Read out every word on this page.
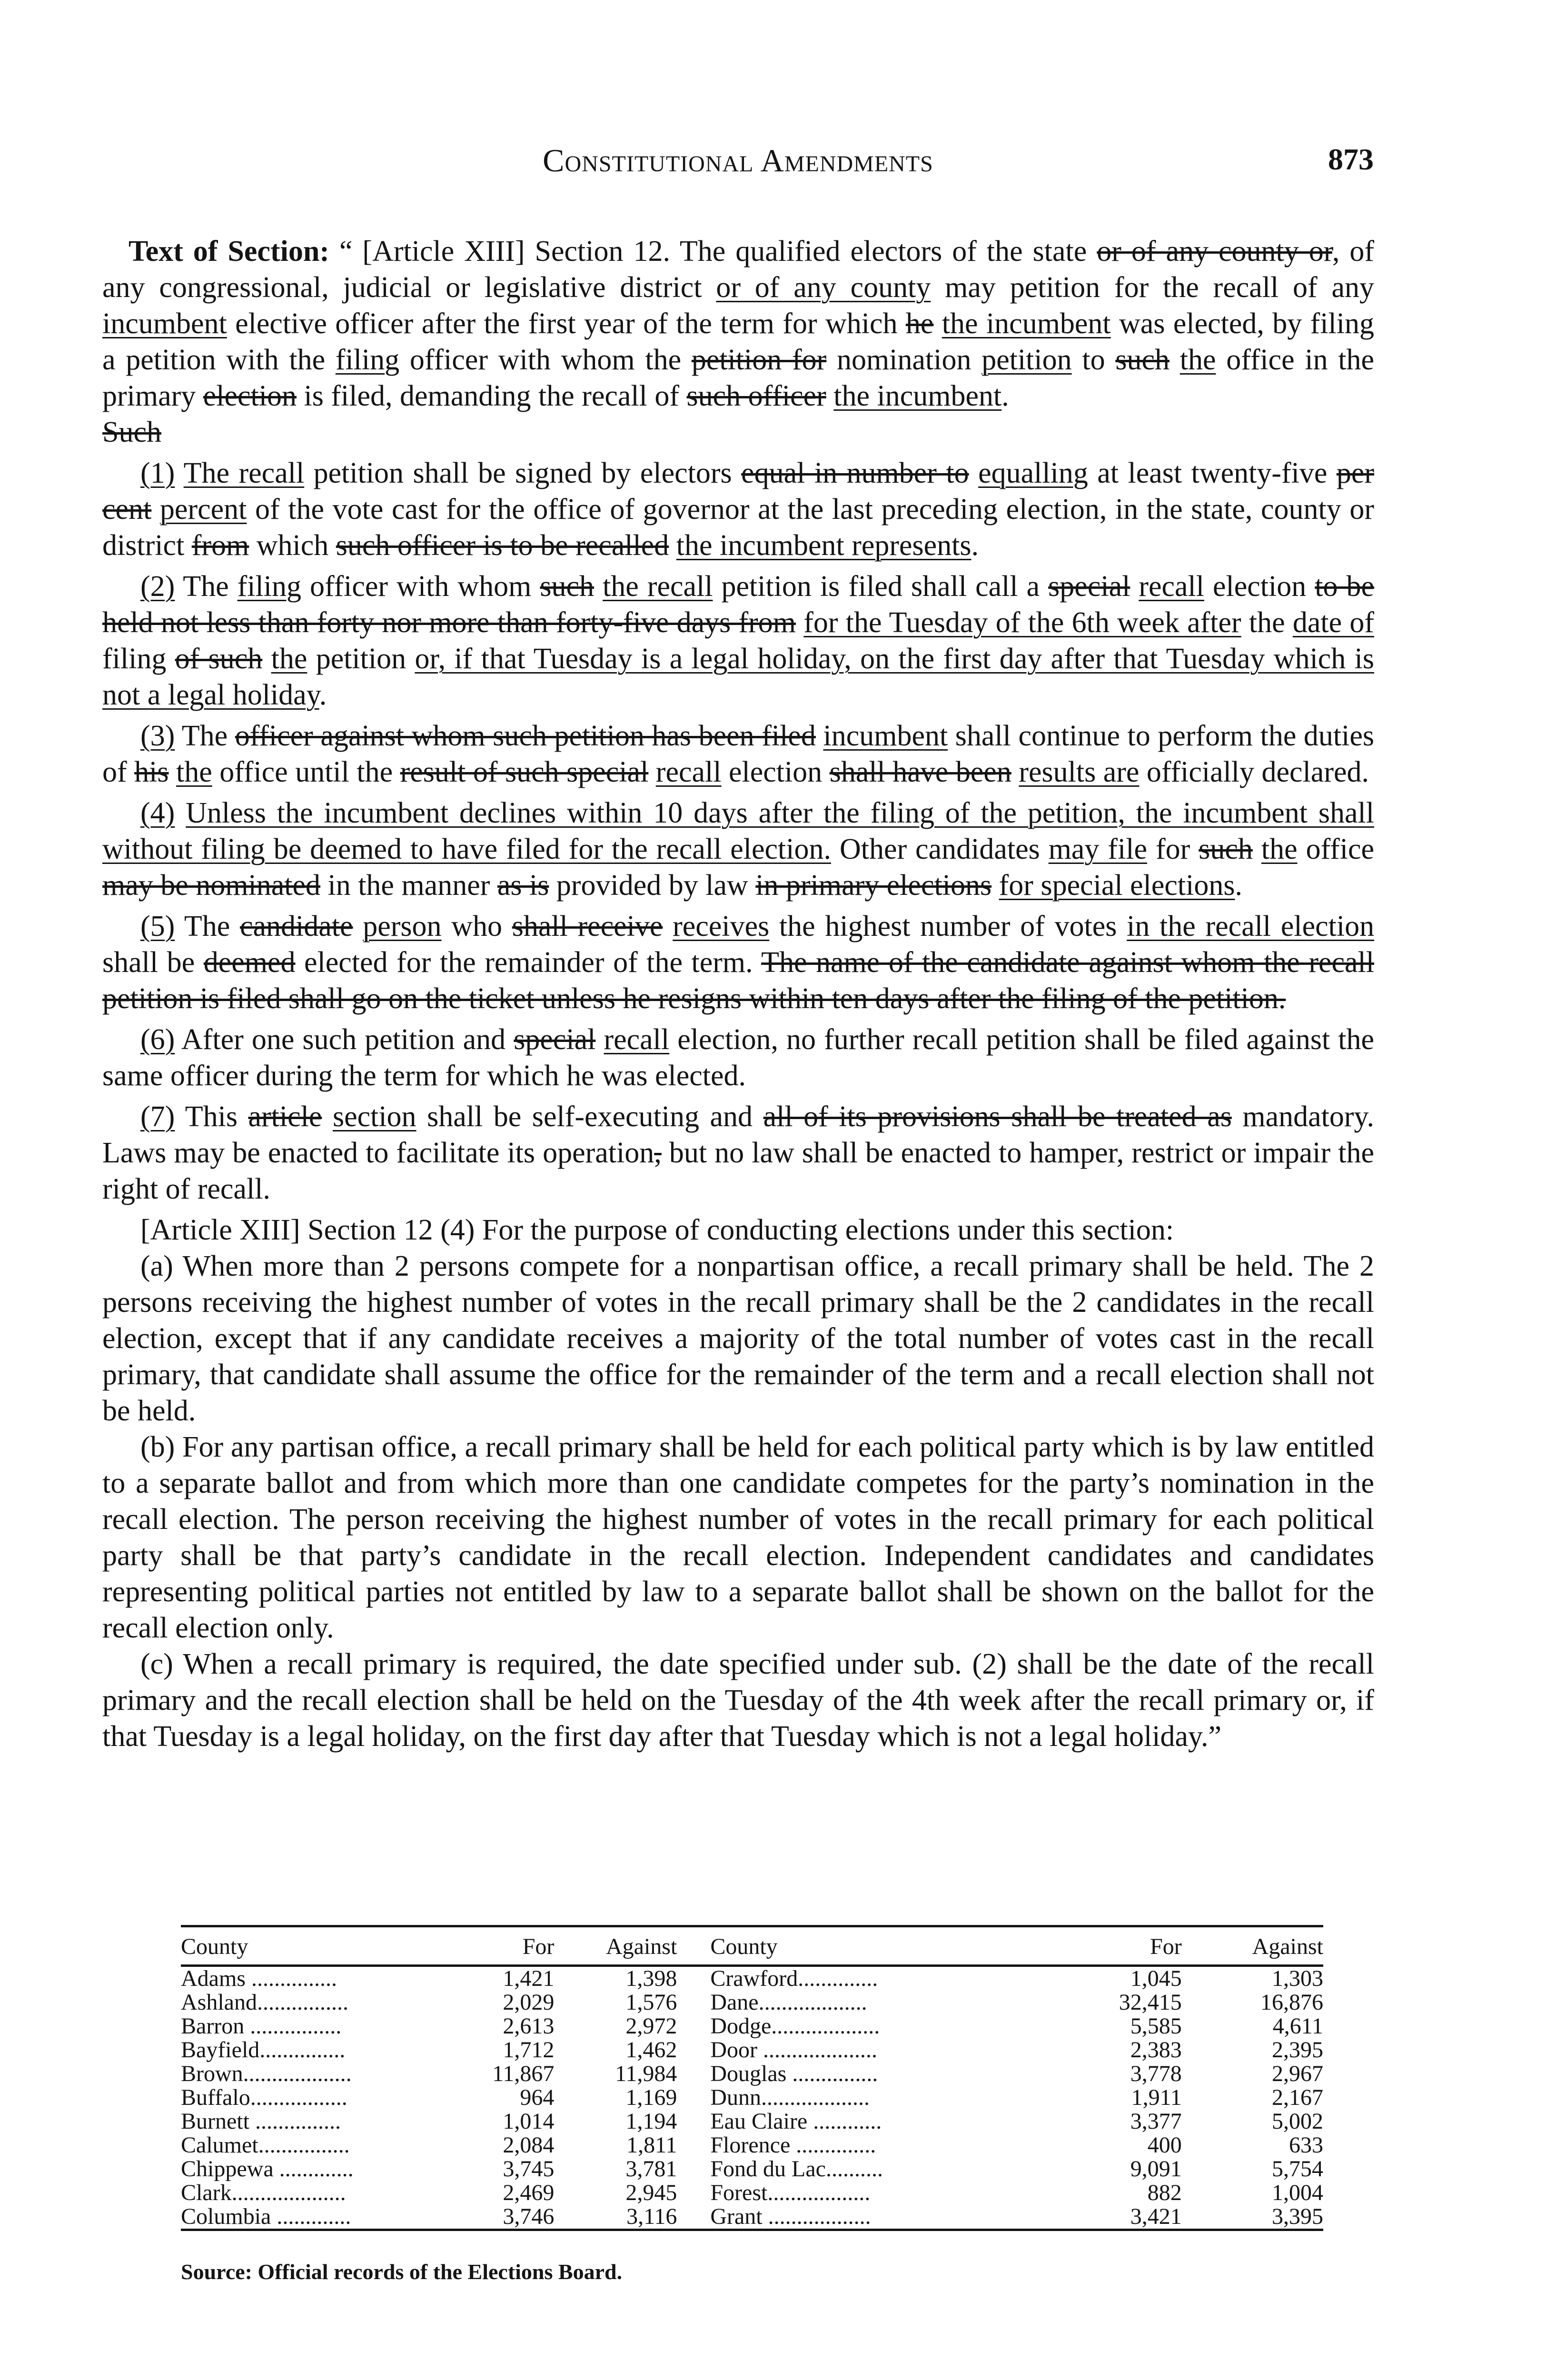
Constitutional Amendments	873

Text of Section: “ [Article XIII] Section 12. The qualified electors of the state or of any county or, of any congressional, judicial or legislative district or of any county may petition for the recall of any incumbent elective officer after the first year of the term for which he the incumbent was elected, by filing a petition with the filing officer with whom the petition for nomination petition to such the office in the primary election is filed, demanding the recall of such officer the incumbent.
Such

(1) The recall petition shall be signed by electors equal in number to equalling at least twenty-five per cent percent of the vote cast for the office of governor at the last preceding election, in the state, county or district from which such officer is to be recalled the incumbent represents.

(2) The filing officer with whom such the recall petition is filed shall call a special recall election to be held not less than forty nor more than forty-five days from for the Tuesday of the 6th week after the date of filing of such the petition or, if that Tuesday is a legal holiday, on the first day after that Tuesday which is not a legal holiday.

(3) The officer against whom such petition has been filed incumbent shall continue to perform the duties of his the office until the result of such special recall election shall have been results are officially declared.

(4) Unless the incumbent declines within 10 days after the filing of the petition, the incumbent shall without filing be deemed to have filed for the recall election. Other candidates may file for such the office may be nominated in the manner as is provided by law in primary elections for special elections.

(5) The candidate person who shall receive receives the highest number of votes in the recall election shall be deemed elected for the remainder of the term. The name of the candidate against whom the recall petition is filed shall go on the ticket unless he resigns within ten days after the filing of the petition.

(6) After one such petition and special recall election, no further recall petition shall be filed against the same officer during the term for which he was elected.

(7) This article section shall be self-executing and all of its provisions shall be treated as mandatory. Laws may be enacted to facilitate its operation, but no law shall be enacted to hamper, restrict or impair the right of recall.

[Article XIII] Section 12 (4) For the purpose of conducting elections under this section:

(a) When more than 2 persons compete for a nonpartisan office, a recall primary shall be held. The 2 persons receiving the highest number of votes in the recall primary shall be the 2 candidates in the recall election, except that if any candidate receives a majority of the total number of votes cast in the recall primary, that candidate shall assume the office for the remainder of the term and a recall election shall not be held.

(b) For any partisan office, a recall primary shall be held for each political party which is by law entitled to a separate ballot and from which more than one candidate competes for the party’s nomination in the recall election. The person receiving the highest number of votes in the recall primary for each political party shall be that party’s candidate in the recall election. Independent candidates and candidates representing political parties not entitled by law to a separate ballot shall be shown on the ballot for the recall election only.

(c) When a recall primary is required, the date specified under sub. (2) shall be the date of the recall primary and the recall election shall be held on the Tuesday of the 4th week after the recall primary or, if that Tuesday is a legal holiday, on the first day after that Tuesday which is not a legal holiday.”

County	For	Against	County	For	Against
Adams ...............	1,421	1,398	Crawford..............	1,045	1,303
Ashland................	2,029	1,576	Dane...................	32,415	16,876
Barron ................	2,613	2,972	Dodge...................	5,585	4,611
Bayfield...............	1,712	1,462	Door ....................	2,383	2,395
Brown...................	11,867	11,984	Douglas ...............	3,778	2,967
Buffalo.................	964	1,169	Dunn...................	1,911	2,167
Burnett ...............	1,014	1,194	Eau Claire ............	3,377	5,002
Calumet................	2,084	1,811	Florence ..............	400	633
Chippewa .............	3,745	3,781	Fond du Lac..........	9,091	5,754
Clark....................	2,469	2,945	Forest..................	882	1,004
Columbia .............	3,746	3,116	Grant ..................	3,421	3,395
Source: Official records of the Elections Board.
